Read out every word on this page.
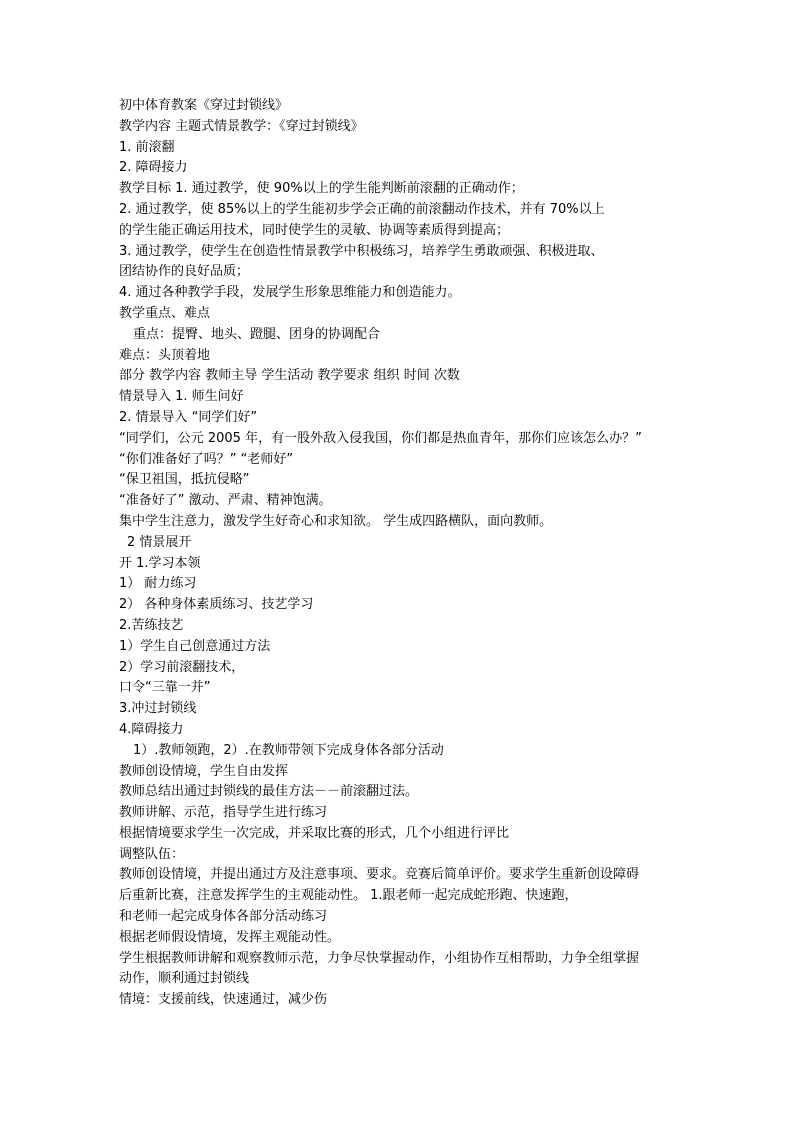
初中体育教案《穿过封锁线》
教学内容 主题式情景教学：《穿过封锁线》
1. 前滚翻
2. 障碍接力
教学目标 1. 通过教学，使 90%以上的学生能判断前滚翻的正确动作；
2. 通过教学，使 85%以上的学生能初步学会正确的前滚翻动作技术，并有 70%以上
的学生能正确运用技术，同时使学生的灵敏、协调等素质得到提高；
3. 通过教学，使学生在创造性情景教学中积极练习，培养学生勇敢顽强、积极进取、
团结协作的良好品质；
4. 通过各种教学手段，发展学生形象思维能力和创造能力。
教学重点、难点
重点：提臀、地头、蹬腿、团身的协调配合
难点：头顶着地
部分 教学内容 教师主导 学生活动 教学要求 组织 时间 次数
情景导入 1. 师生问好
2. 情景导入 “同学们好”
“同学们，公元 2005 年，有一股外敌入侵我国，你们都是热血青年，那你们应该怎么办？”
“你们准备好了吗？” “老师好”
“保卫祖国，抵抗侵略”
“准备好了” 激动、严肃、精神饱满。
集中学生注意力，激发学生好奇心和求知欲。 学生成四路横队，面向教师。
2 情景展开
开 1.学习本领
1） 耐力练习
2） 各种身体素质练习、技艺学习
2.苦练技艺
1）学生自己创意通过方法
2）学习前滚翻技术，
口令“三靠一并”
3.冲过封锁线
4.障碍接力
1）.教师领跑，2）.在教师带领下完成身体各部分活动
教师创设情境，学生自由发挥
教师总结出通过封锁线的最佳方法－－前滚翻过法。
教师讲解、示范，指导学生进行练习
根据情境要求学生一次完成，并采取比赛的形式，几个小组进行评比
调整队伍：
教师创设情境，并提出通过方及注意事项、要求。竞赛后简单评价。要求学生重新创设障碍
后重新比赛，注意发挥学生的主观能动性。 1.跟老师一起完成蛇形跑、快速跑，
和老师一起完成身体各部分活动练习
根据老师假设情境，发挥主观能动性。
学生根据教师讲解和观察教师示范，力争尽快掌握动作，小组协作互相帮助，力争全组掌握
动作，顺利通过封锁线
情境：支援前线，快速通过，减少伤
